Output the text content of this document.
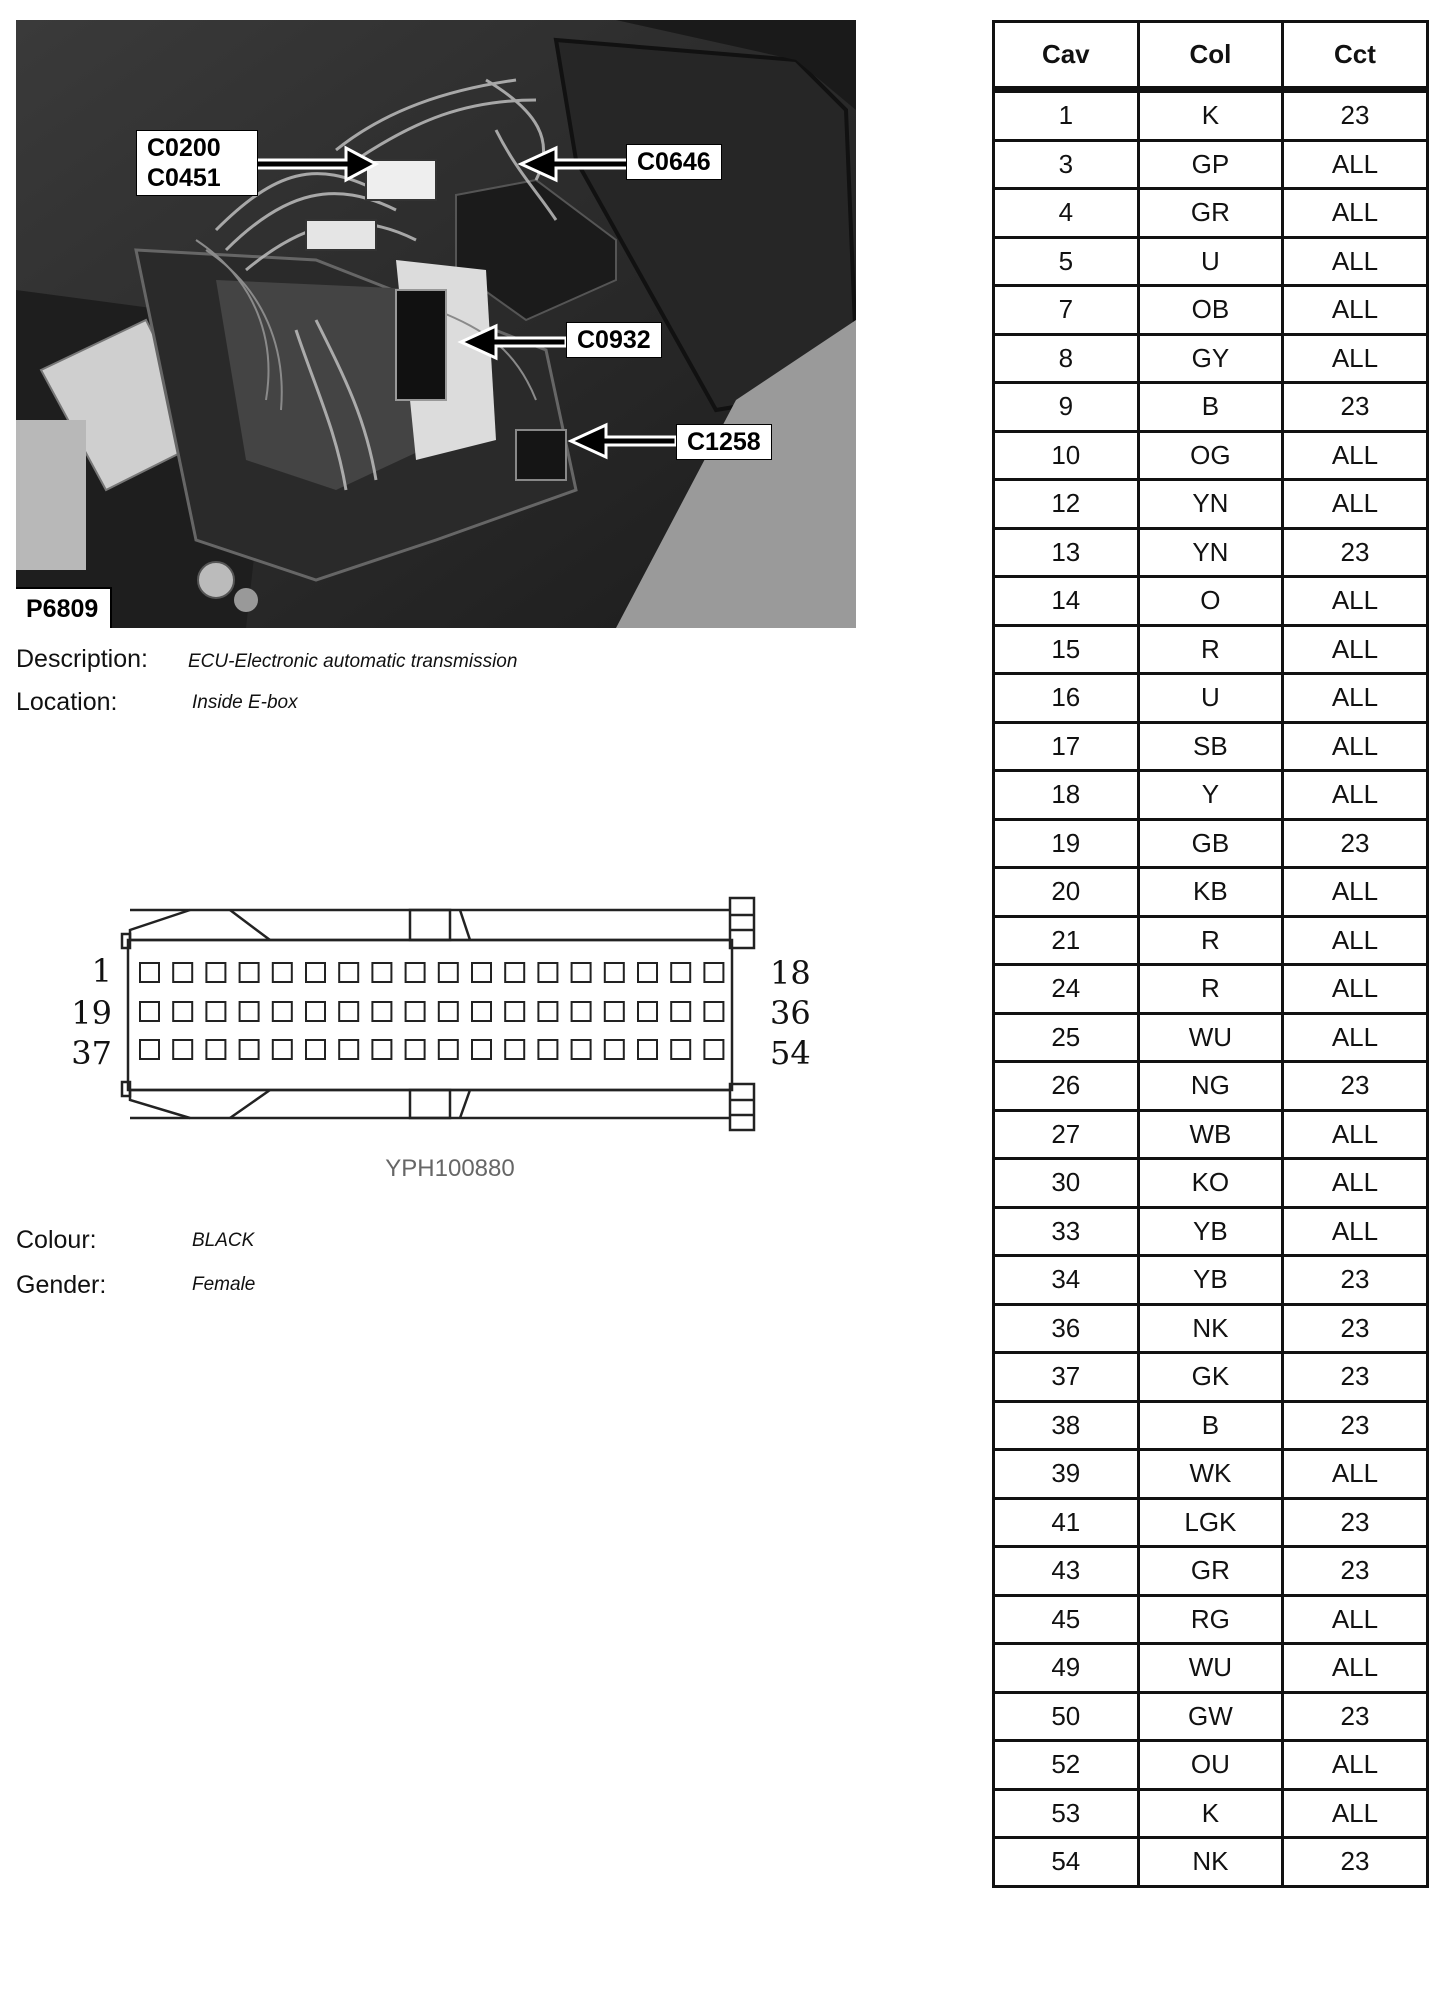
C0200
C0451
C0646
C0932
C1258
P6809
Description: ECU-Electronic automatic transmission
Location:	Inside E-box
1
19
37
18
36
54
YPH100880
Colour:	BLACK
Gender:	Female
Cav	Col	Cct
1	K	23
3	GP	ALL
4	GR	ALL
5	U	ALL
7	OB	ALL
8	GY	ALL
9	B	23
10	OG	ALL
12	YN	ALL
13	YN	23
14	O	ALL
15	R	ALL
16	U	ALL
17	SB	ALL
18	Y	ALL
19	GB	23
20	KB	ALL
21	R	ALL
24	R	ALL
25	WU	ALL
26	NG	23
27	WB	ALL
30	KO	ALL
33	YB	ALL
34	YB	23
36	NK	23
37	GK	23
38	B	23
39	WK	ALL
41	LGK	23
43	GR	23
45	RG	ALL
49	WU	ALL
50	GW	23
52	OU	ALL
53	K	ALL
54	NK	23
